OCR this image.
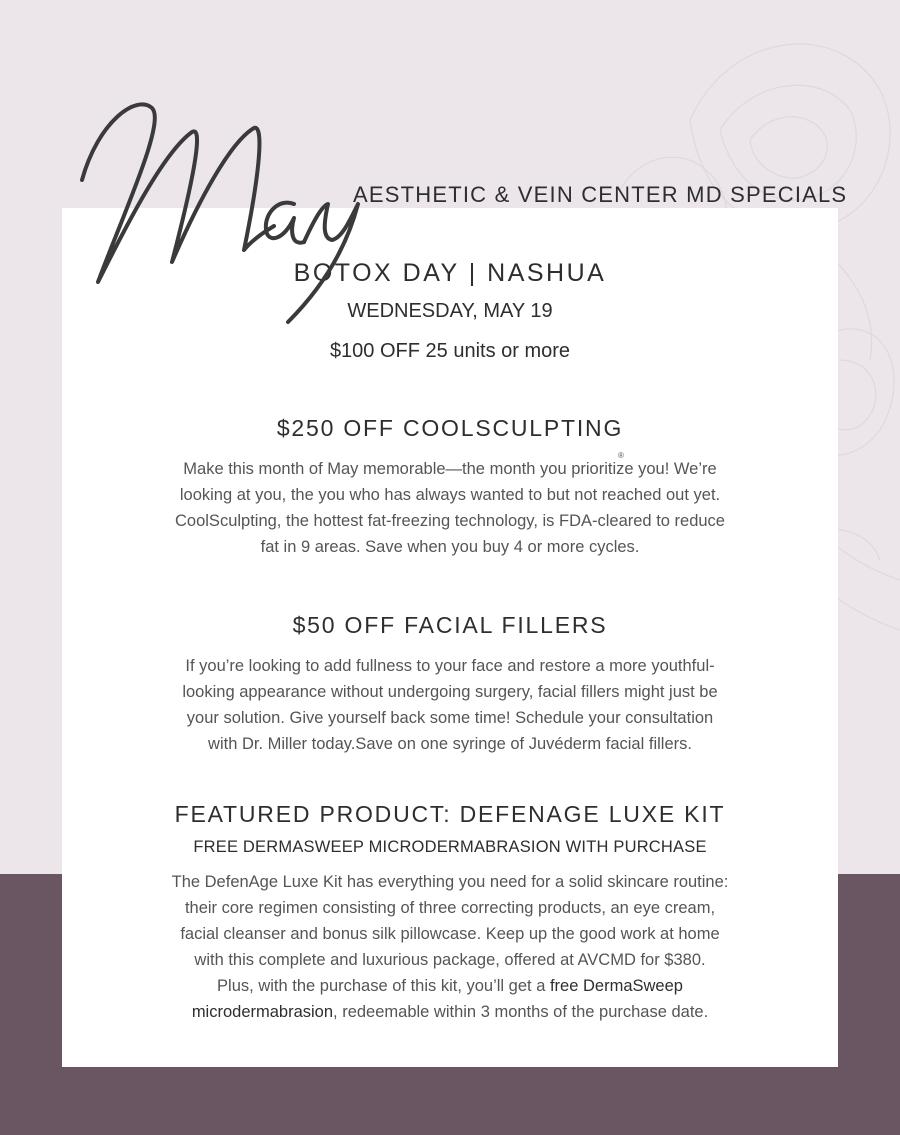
May
AESTHETIC & VEIN CENTER MD SPECIALS
BOTOX DAY | NASHUA
WEDNESDAY, MAY 19
$100 OFF 25 units or more
$250 OFF COOLSCULPTING
®
Make this month of May memorable—the month you prioritize you! We’re
looking at you, the you who has always wanted to but not reached out yet.
CoolSculpting, the hottest fat-freezing technology, is FDA-cleared to reduce
fat in 9 areas. Save when you buy 4 or more cycles.
$50 OFF FACIAL FILLERS
If you’re looking to add fullness to your face and restore a more youthful-
looking appearance without undergoing surgery, facial fillers might just be
your solution. Give yourself back some time! Schedule your consultation
with Dr. Miller today.Save on one syringe of Juvéderm facial fillers.
FEATURED PRODUCT: DEFENAGE LUXE KIT
FREE DERMASWEEP MICRODERMABRASION WITH PURCHASE
The DefenAge Luxe Kit has everything you need for a solid skincare routine:
their core regimen consisting of three correcting products, an eye cream,
facial cleanser and bonus silk pillowcase. Keep up the good work at home
with this complete and luxurious package, offered at AVCMD for $380.
Plus, with the purchase of this kit, you’ll get a free DermaSweep
microdermabrasion, redeemable within 3 months of the purchase date.
